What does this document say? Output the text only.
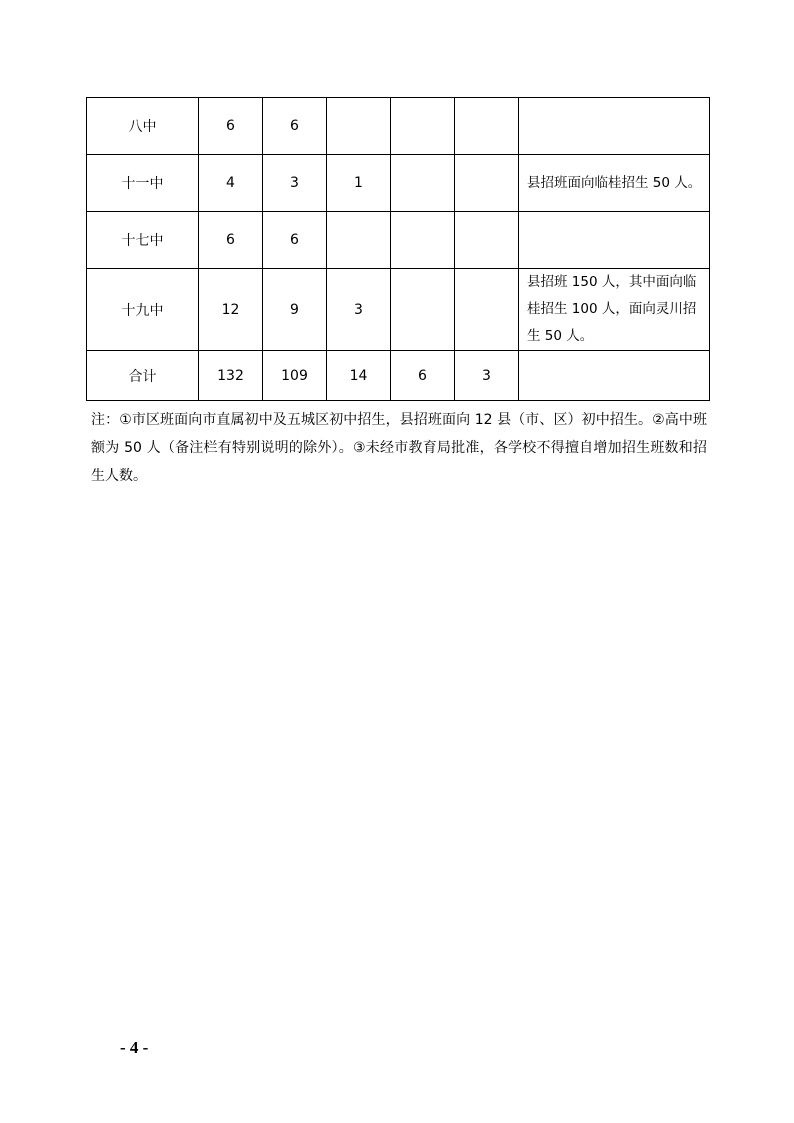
八中	6	6				
十一中	4	3	1			县招班面向临桂招生 50 人。
十七中	6	6				
十九中	12	9	3			县招班 150 人，其中面向临桂招生 100 人，面向灵川招生 50 人。
合计	132	109	14	6	3	
注：①市区班面向市直属初中及五城区初中招生，县招班面向 12 县（市、区）初中招生。②高中班额为 50 人（备注栏有特别说明的除外）。③未经市教育局批准，各学校不得擅自增加招生班数和招生人数。
- 4 -
